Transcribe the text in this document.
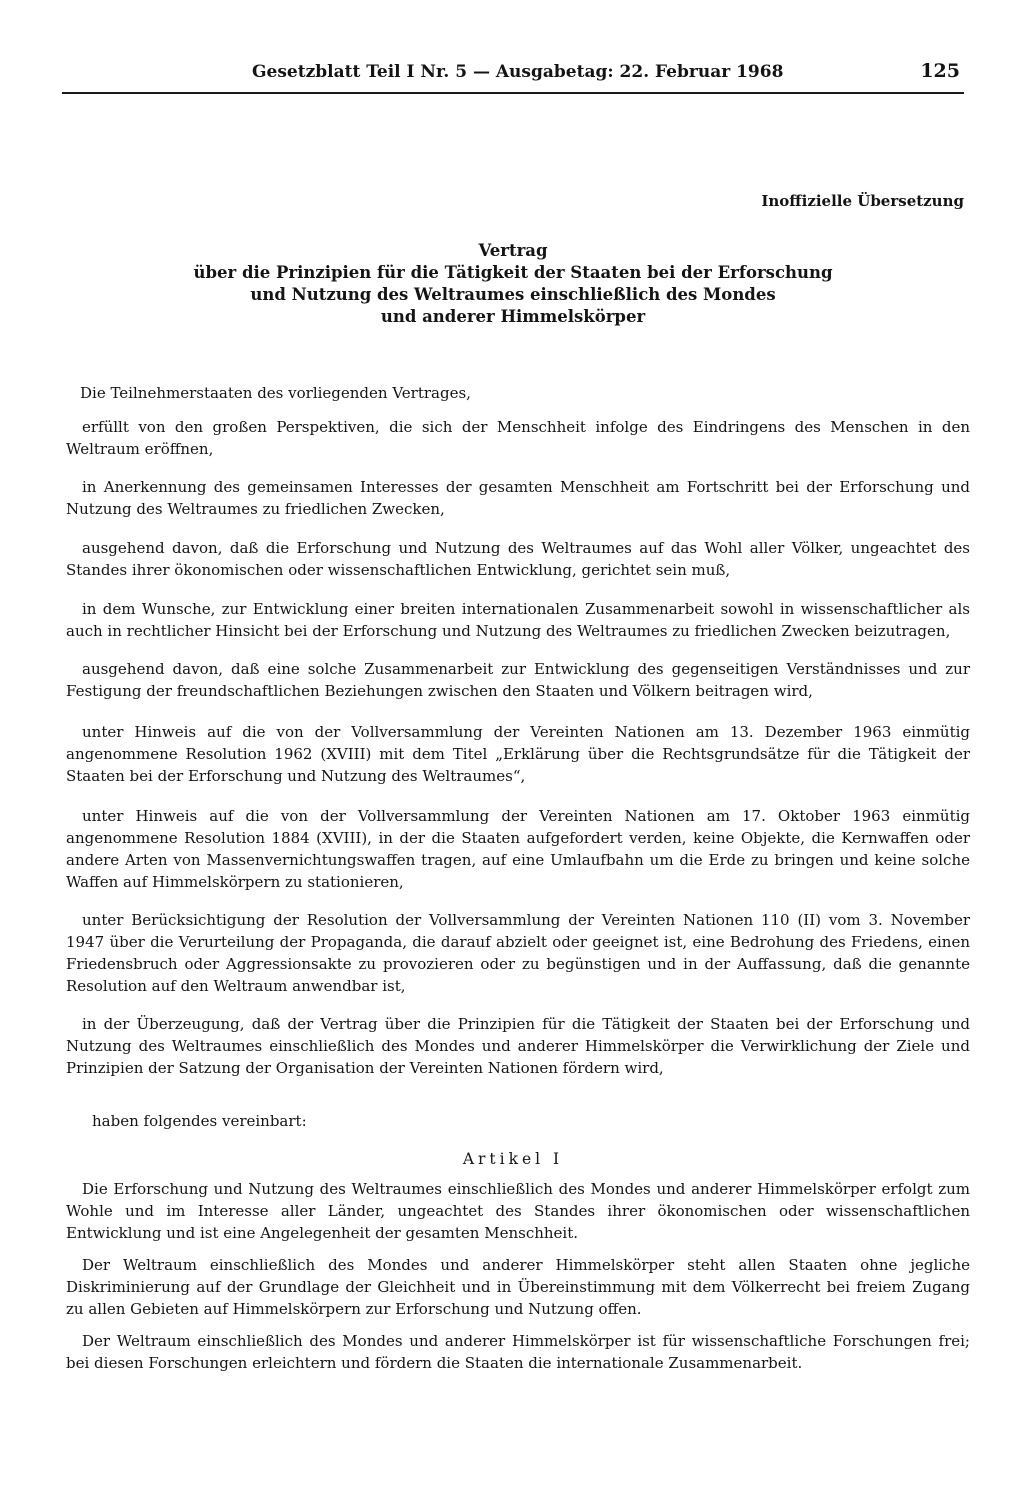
Gesetzblatt Teil I Nr. 5 — Ausgabetag: 22. Februar 1968	125
Inoffizielle Übersetzung
Vertrag
über die Prinzipien für die Tätigkeit der Staaten bei der Erforschung
und Nutzung des Weltraumes einschließlich des Mondes
und anderer Himmelskörper
Die Teilnehmerstaaten des vorliegenden Vertrages,

erfüllt von den großen Perspektiven, die sich der Menschheit infolge des Eindringens des Menschen in den Weltraum eröffnen,

in Anerkennung des gemeinsamen Interesses der gesamten Menschheit am Fortschritt bei der Erforschung und Nutzung des Weltraumes zu friedlichen Zwecken,

ausgehend davon, daß die Erforschung und Nutzung des Weltraumes auf das Wohl aller Völker, ungeachtet des Standes ihrer ökonomischen oder wissenschaftlichen Entwicklung, gerichtet sein muß,

in dem Wunsche, zur Entwicklung einer breiten internationalen Zusammenarbeit sowohl in wissenschaftlicher als auch in rechtlicher Hinsicht bei der Erforschung und Nutzung des Weltraumes zu friedlichen Zwecken beizutragen,

ausgehend davon, daß eine solche Zusammenarbeit zur Entwicklung des gegenseitigen Verständnisses und zur Festigung der freundschaftlichen Beziehungen zwischen den Staaten und Völkern beitragen wird,

unter Hinweis auf die von der Vollversammlung der Vereinten Nationen am 13. Dezember 1963 einmütig angenommene Resolution 1962 (XVIII) mit dem Titel „Erklärung über die Rechtsgrundsätze für die Tätigkeit der Staaten bei der Erforschung und Nutzung des Weltraumes“,

unter Hinweis auf die von der Vollversammlung der Vereinten Nationen am 17. Oktober 1963 einmütig angenommene Resolution 1884 (XVIII), in der die Staaten aufgefordert verden, keine Objekte, die Kernwaffen oder andere Arten von Massenvernichtungswaffen tragen, auf eine Umlaufbahn um die Erde zu bringen und keine solche Waffen auf Himmelskörpern zu stationieren,

unter Berücksichtigung der Resolution der Vollversammlung der Vereinten Nationen 110 (II) vom 3. November 1947 über die Verurteilung der Propaganda, die darauf abzielt oder geeignet ist, eine Bedrohung des Friedens, einen Friedensbruch oder Aggressionsakte zu provozieren oder zu begünstigen und in der Auffassung, daß die genannte Resolution auf den Weltraum anwendbar ist,

in der Überzeugung, daß der Vertrag über die Prinzipien für die Tätigkeit der Staaten bei der Erforschung und Nutzung des Weltraumes einschließlich des Mondes und anderer Himmelskörper die Verwirklichung der Ziele und Prinzipien der Satzung der Organisation der Vereinten Nationen fördern wird,

haben folgendes vereinbart:
Artikel I

Die Erforschung und Nutzung des Weltraumes einschließlich des Mondes und anderer Himmelskörper erfolgt zum Wohle und im Interesse aller Länder, ungeachtet des Standes ihrer ökonomischen oder wissenschaftlichen Entwicklung und ist eine Angelegenheit der gesamten Menschheit.

Der Weltraum einschließlich des Mondes und anderer Himmelskörper steht allen Staaten ohne jegliche Diskriminierung auf der Grundlage der Gleichheit und in Übereinstimmung mit dem Völkerrecht bei freiem Zugang zu allen Gebieten auf Himmelskörpern zur Erforschung und Nutzung offen.

Der Weltraum einschließlich des Mondes und anderer Himmelskörper ist für wissenschaftliche Forschungen frei; bei diesen Forschungen erleichtern und fördern die Staaten die internationale Zusammenarbeit.
